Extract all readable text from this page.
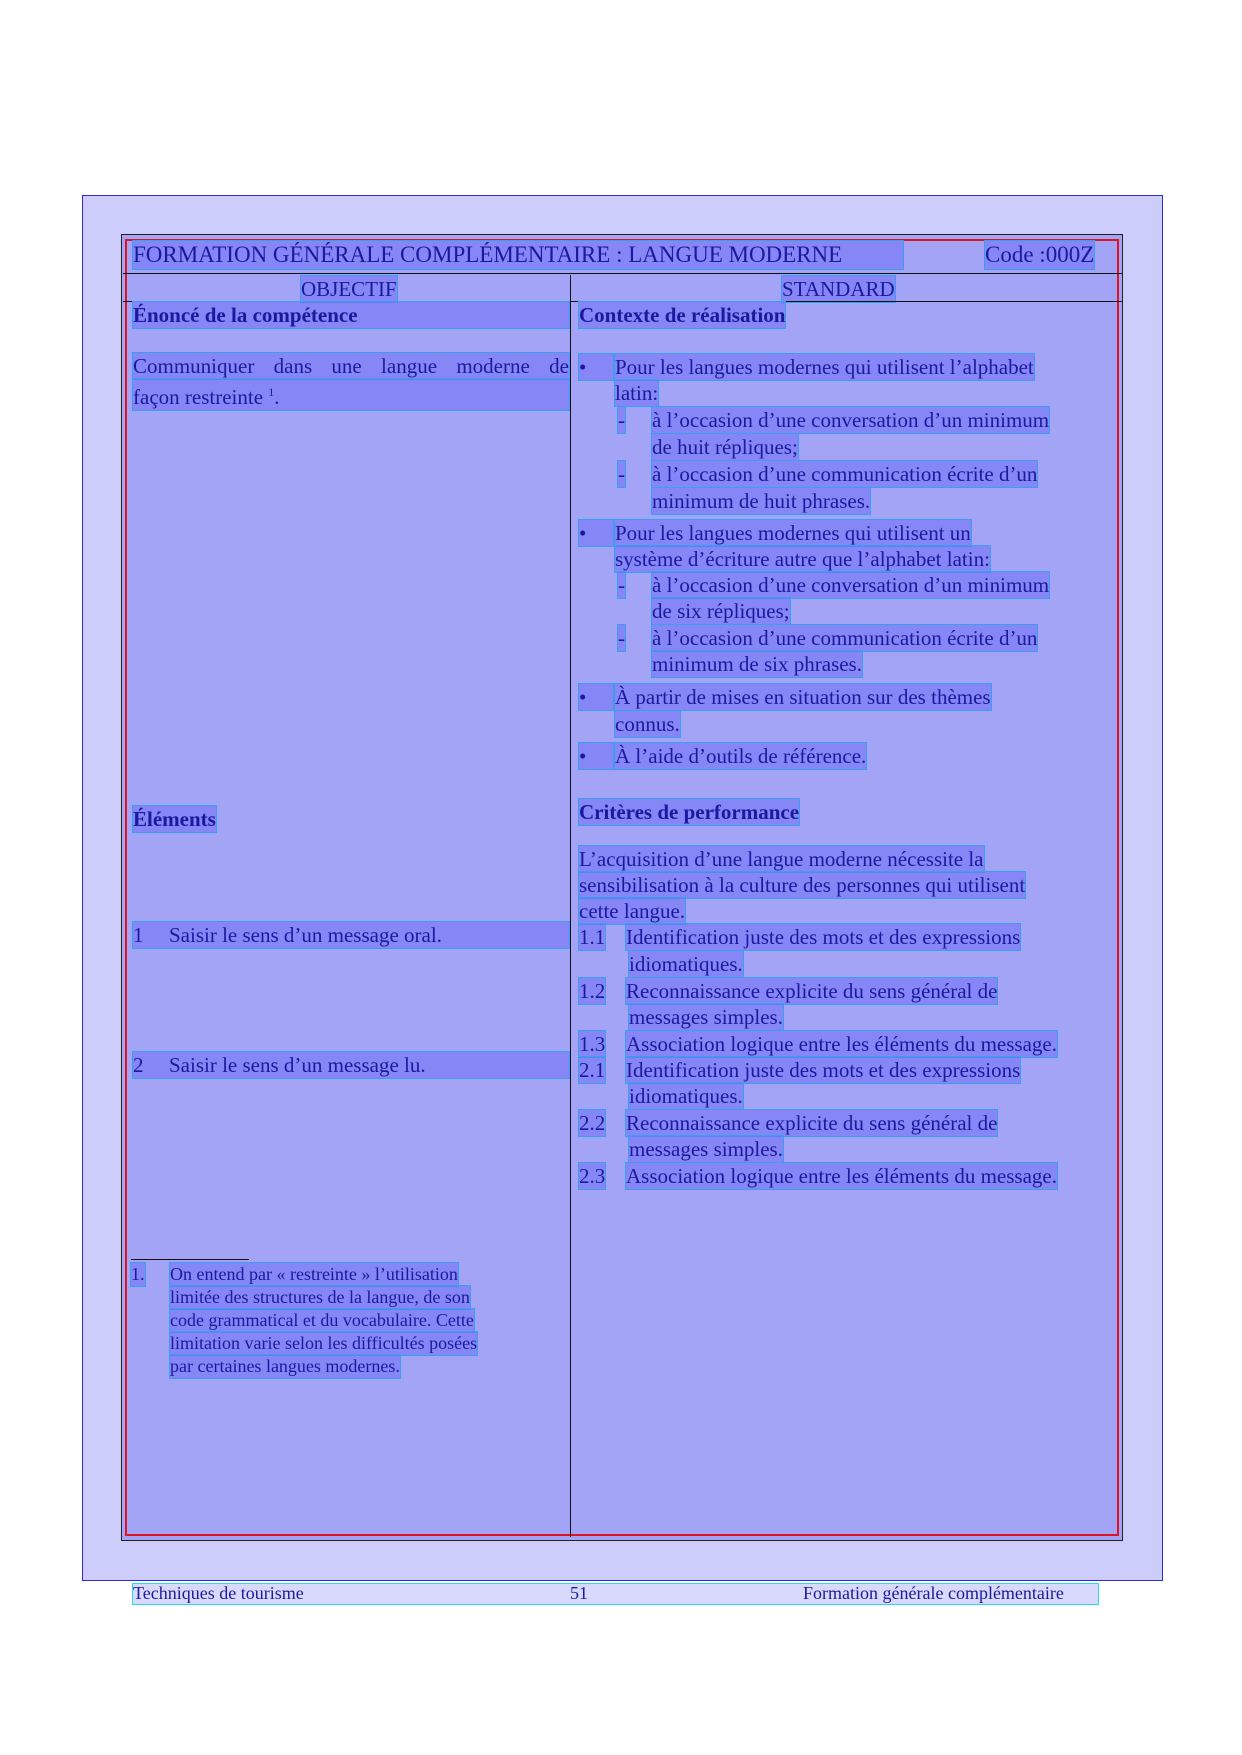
FORMATION GÉNÉRALE COMPLÉMENTAIRE : LANGUE MODERNE	Code :000Z
OBJECTIF	STANDARD
Énoncé de la compétence
Communiquer dans une langue moderne de
façon restreinte $^1$.
Éléments
1 Saisir le sens d’un message oral.
2 Saisir le sens d’un message lu.
1. On entend par « restreinte » l’utilisation
limitée des structures de la langue, de son
code grammatical et du vocabulaire. Cette
limitation varie selon les difficultés posées
par certaines langues modernes.
Contexte de réalisation
•	Pour les langues modernes qui utilisent l’alphabet
latin:
- à l’occasion d’une conversation d’un minimum
de huit répliques;
- à l’occasion d’une communication écrite d’un
minimum de huit phrases.
•	Pour les langues modernes qui utilisent un
système d’écriture autre que l’alphabet latin:
- à l’occasion d’une conversation d’un minimum
de six répliques;
- à l’occasion d’une communication écrite d’un
minimum de six phrases.
•	À partir de mises en situation sur des thèmes
connus.
•	À l’aide d’outils de référence.
Critères de performance
L’acquisition d’une langue moderne nécessite la
sensibilisation à la culture des personnes qui utilisent
cette langue.
1.1 Identification juste des mots et des expressions
idiomatiques.
1.2 Reconnaissance explicite du sens général de
messages simples.
1.3 Association logique entre les éléments du message.
2.1 Identification juste des mots et des expressions
idiomatiques.
2.2 Reconnaissance explicite du sens général de
messages simples.
2.3 Association logique entre les éléments du message.
Techniques de tourisme	51	Formation générale complémentaire
